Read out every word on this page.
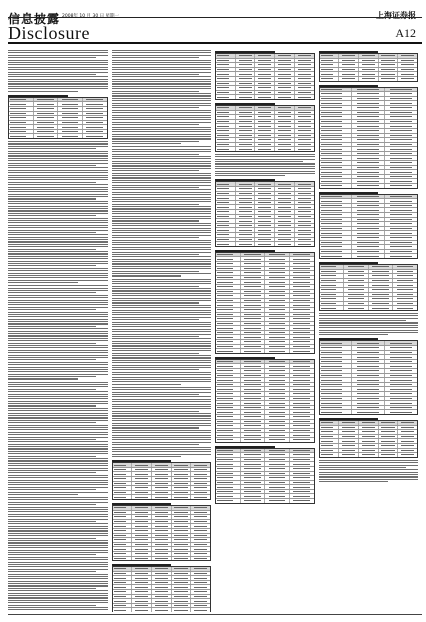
信息披露 2008年 10 月 30 日 星期一
Disclosure
上海证券报
A12
